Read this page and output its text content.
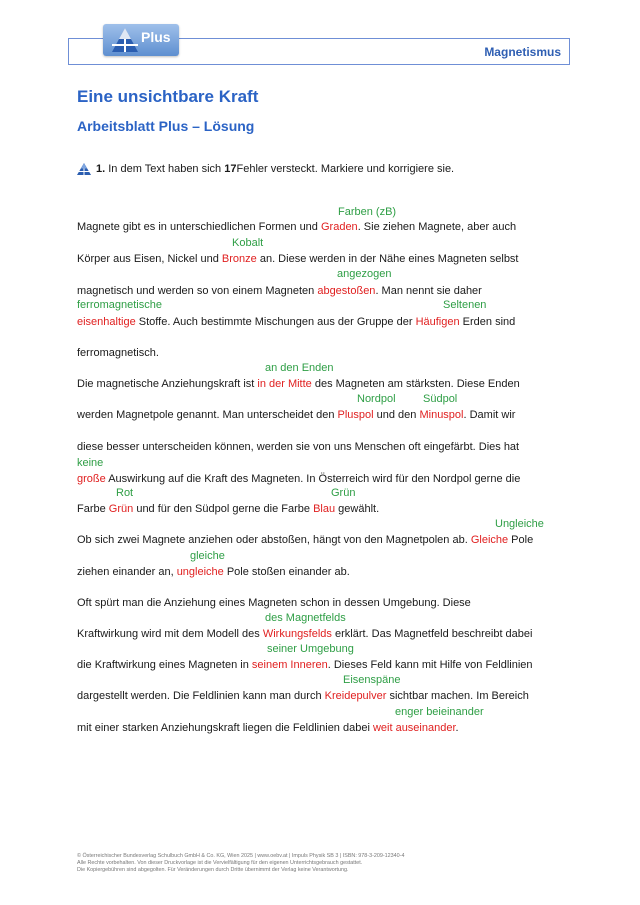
Magnetismus
Plus
Eine unsichtbare Kraft
Arbeitsblatt Plus – Lösung
1. In dem Text haben sich 17 Fehler versteckt. Markiere und korrigiere sie.
Farben (zB)
Magnete gibt es in unterschiedlichen Formen und Graden. Sie ziehen Magnete, aber auch
Kobalt
Körper aus Eisen, Nickel und Bronze an. Diese werden in der Nähe eines Magneten selbst
angezogen
magnetisch und werden so von einem Magneten abgestoßen. Man nennt sie daher
ferromagnetische	Seltenen
eisenhaltige Stoffe. Auch bestimmte Mischungen aus der Gruppe der Häufigen Erden sind
ferromagnetisch.
an den Enden
Die magnetische Anziehungskraft ist in der Mitte des Magneten am stärksten. Diese Enden
Nordpol Südpol
werden Magnetpole genannt. Man unterscheidet den Pluspol und den Minuspol. Damit wir
diese besser unterscheiden können, werden sie von uns Menschen oft eingefärbt. Dies hat
keine
große Auswirkung auf die Kraft des Magneten. In Österreich wird für den Nordpol gerne die
Rot	Grün
Farbe Grün und für den Südpol gerne die Farbe Blau gewählt.
Ungleiche
Ob sich zwei Magnete anziehen oder abstoßen, hängt von den Magnetpolen ab. Gleiche Pole
gleiche
ziehen einander an, ungleiche Pole stoßen einander ab.
Oft spürt man die Anziehung eines Magneten schon in dessen Umgebung. Diese
des Magnetfelds
Kraftwirkung wird mit dem Modell des Wirkungsfelds erklärt. Das Magnetfeld beschreibt dabei
seiner Umgebung
die Kraftwirkung eines Magneten in seinem Inneren. Dieses Feld kann mit Hilfe von Feldlinien
Eisenspäne
dargestellt werden. Die Feldlinien kann man durch Kreidepulver sichtbar machen. Im Bereich
enger beieinander
mit einer starken Anziehungskraft liegen die Feldlinien dabei weit auseinander.
© Österreichischer Bundesverlag Schulbuch GmbH & Co. KG, Wien 2025 | www.oebv.at | Impuls Physik SB 3 | ISBN: 978-3-209-12340-4
Alle Rechte vorbehalten. Von dieser Druckvorlage ist die Vervielfältigung für den eigenen Unterrichtsgebrauch gestattet.
Die Kopiergebühren sind abgegolten. Für Veränderungen durch Dritte übernimmt der Verlag keine Verantwortung.
